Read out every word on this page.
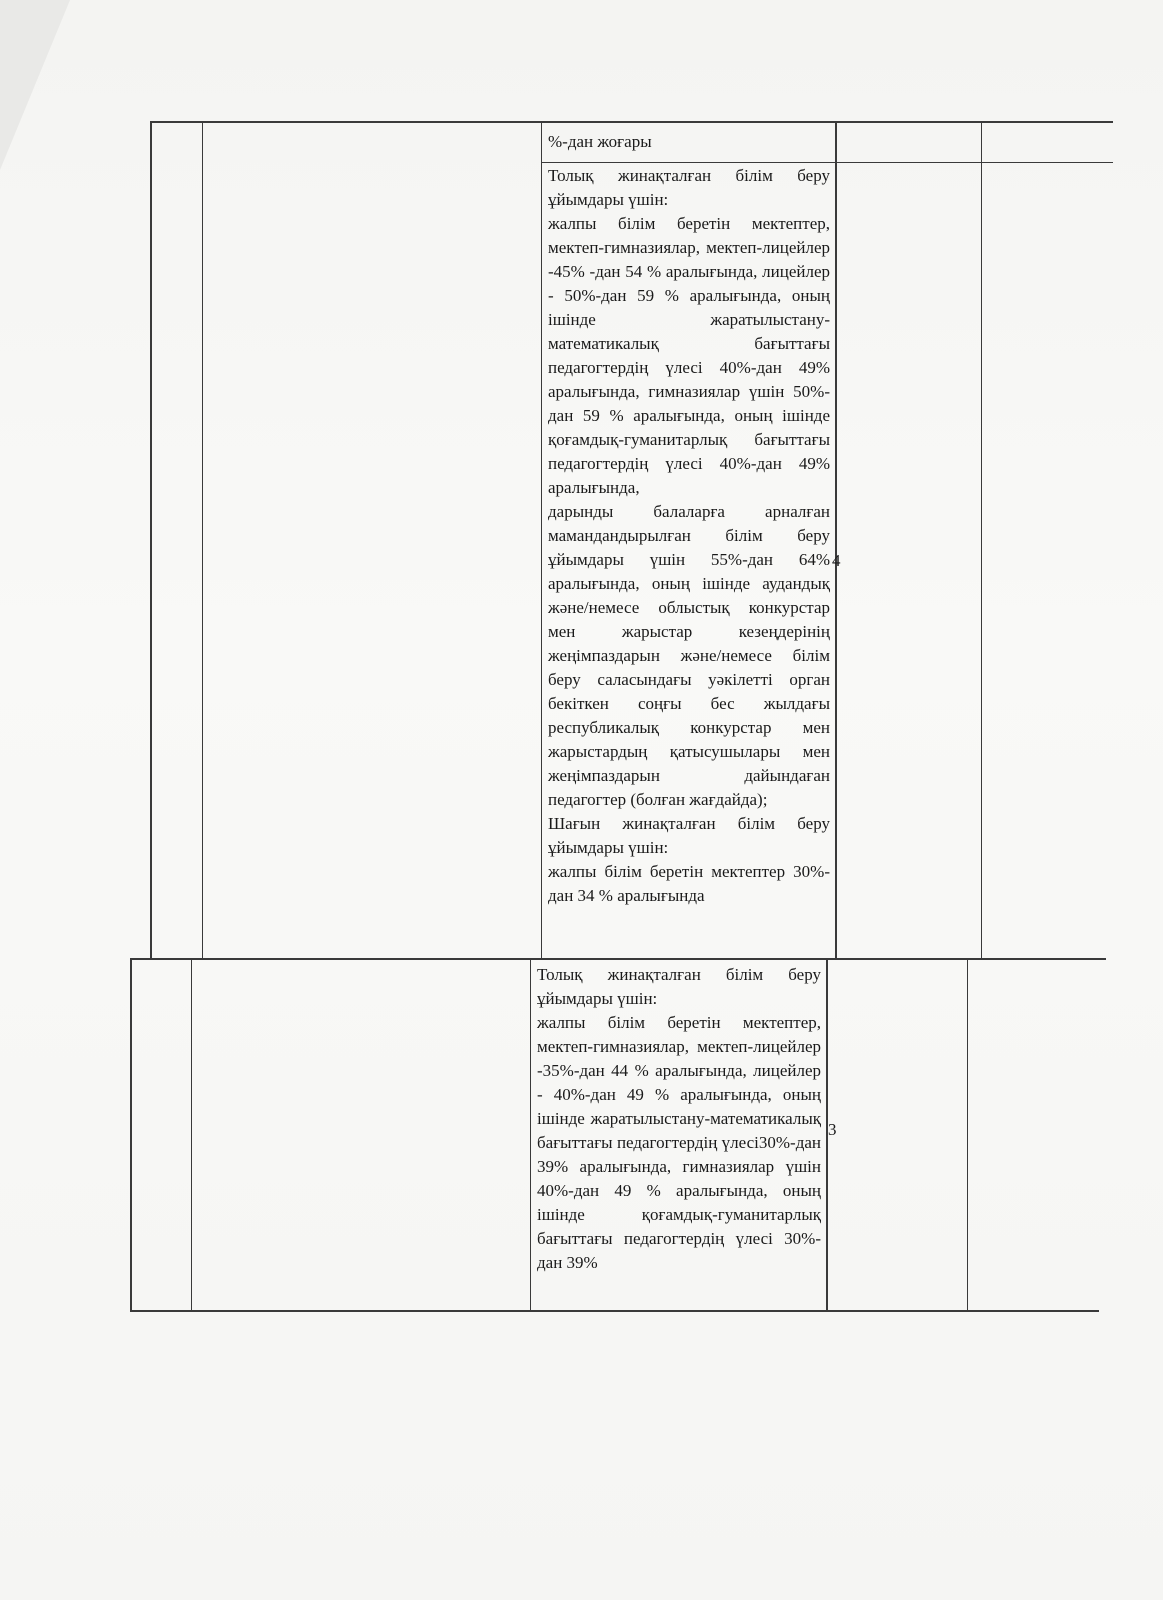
%-дан жоғары

Толық жинақталған білім беру ұйымдары үшін:

жалпы білім беретін мектептер, мектеп-гимназиялар, мектеп-лицейлер -45% -дан 54 % аралығында, лицейлер - 50%-дан 59 % аралығында, оның ішінде жаратылыстану-математикалық бағыттағы педагогтердің үлесі 40%-дан 49% аралығында, гимназиялар үшін 50%-дан 59 % аралығында, оның ішінде қоғамдық-гуманитарлық бағыттағы педагогтердің үлесі 40%-дан 49% аралығында,

дарынды балаларға арналған мамандандырылған білім беру ұйымдары үшін 55%-дан 64% аралығында, оның ішінде аудандық және/немесе облыстық конкурстар мен жарыстар кезеңдерінің жеңімпаздарын және/немесе білім беру саласындағы уәкілетті орган бекіткен соңғы бес жылдағы республикалық конкурстар мен жарыстардың қатысушылары мен жеңімпаздарын дайындаған педагогтер (болған жағдайда);

Шағын жинақталған білім беру ұйымдары үшін:

жалпы білім беретін мектептер 30%-дан 34 % аралығында

4

Толық жинақталған білім беру ұйымдары үшін:

жалпы білім беретін мектептер, мектеп-гимназиялар, мектеп-лицейлер -35%-дан 44 % аралығында, лицейлер - 40%-дан 49 % аралығында, оның ішінде жаратылыстану-математикалық бағыттағы педагогтердің үлесі30%-дан 39% аралығында, гимназиялар үшін 40%-дан 49 % аралығында, оның ішінде қоғамдық-гуманитарлық бағыттағы педагогтердің үлесі 30%-дан 39%

3
